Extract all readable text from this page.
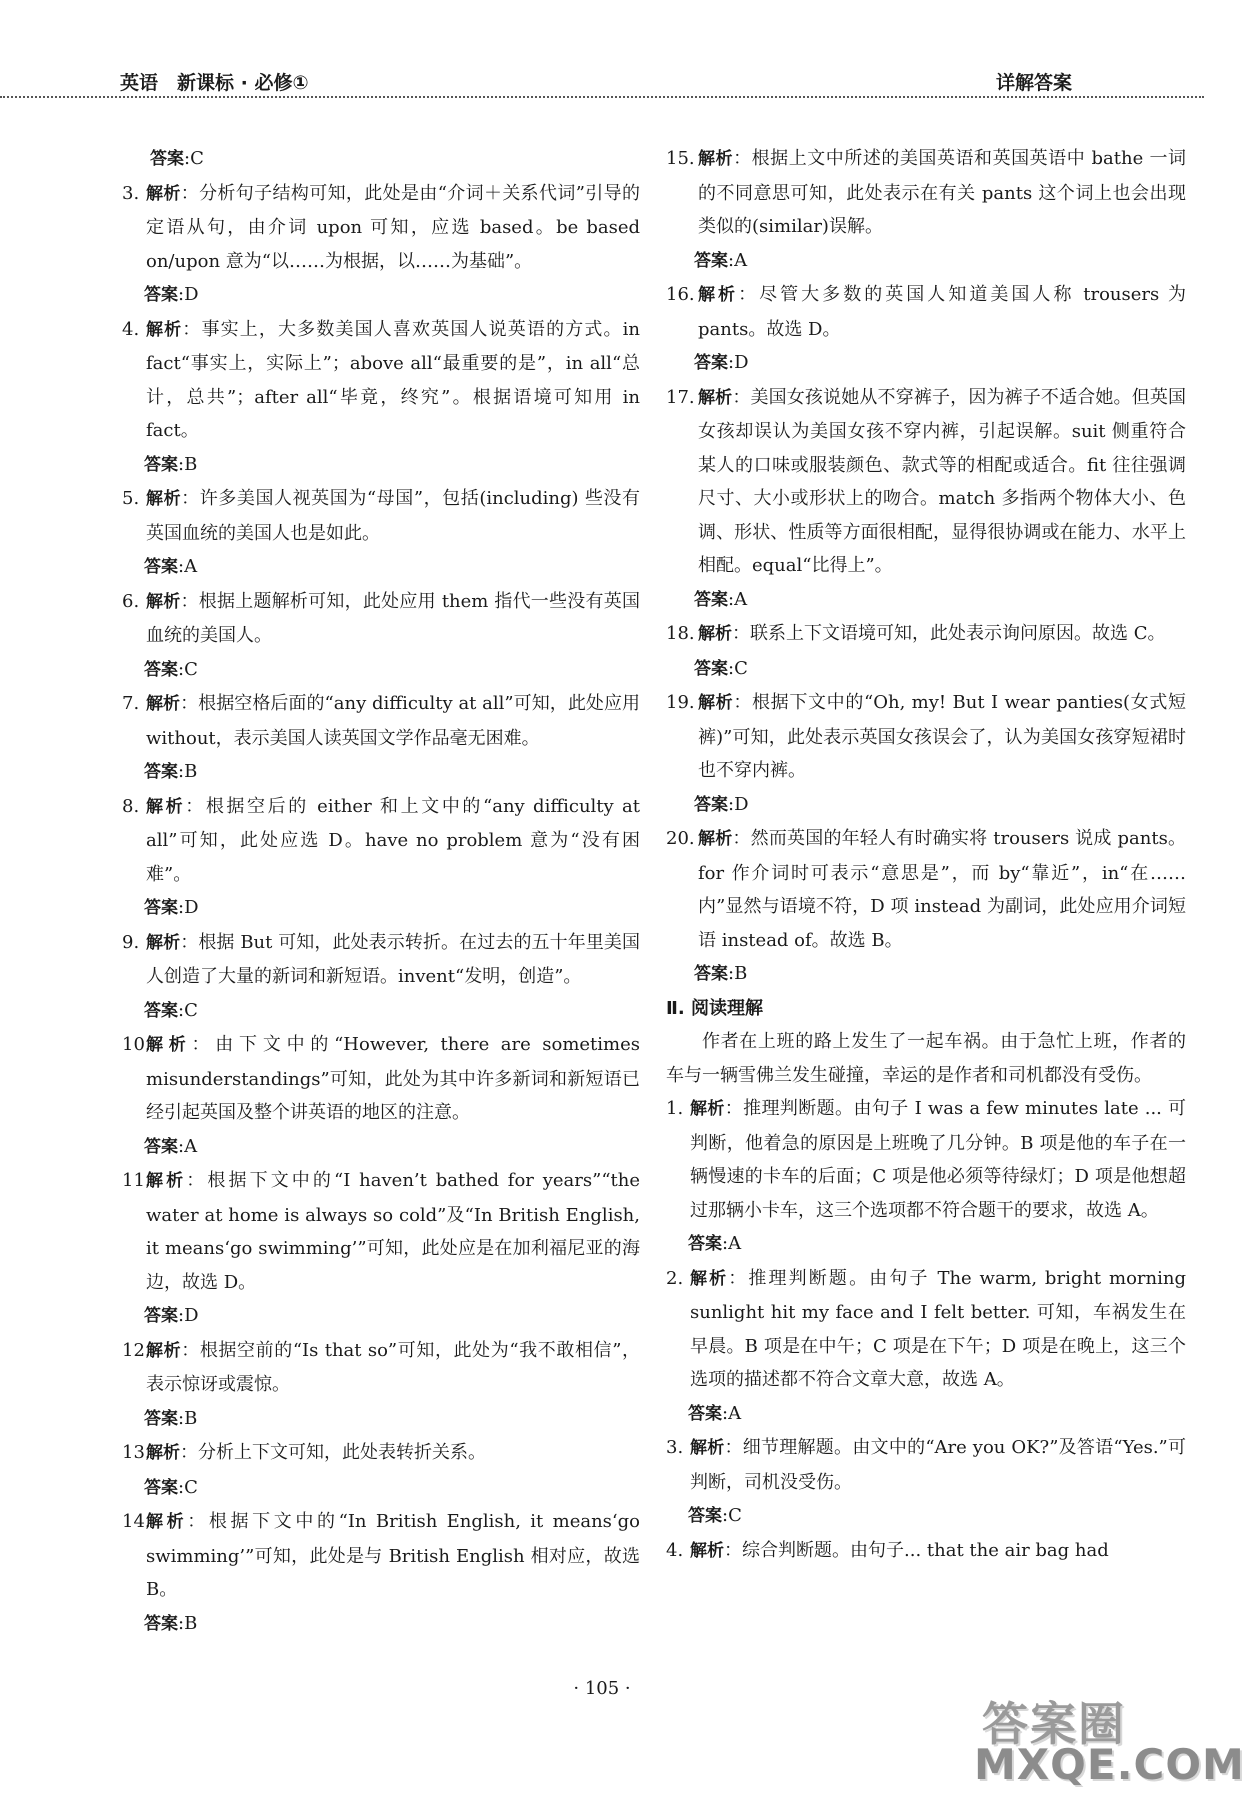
英语　新课标 · 必修①	详解答案
答案:C
3. 解析：分析句子结构可知，此处是由“介词＋关系代词”引导的定语从句，由介词 upon 可知，应选 based。be based on/upon 意为“以……为根据，以……为基础”。
答案:D
4. 解析：事实上，大多数美国人喜欢英国人说英语的方式。in fact“事实上，实际上”；above all“最重要的是”，in all“总计，总共”；after all“毕竟，终究”。根据语境可知用 in fact。
答案:B
5. 解析：许多美国人视英国为“母国”，包括(including) 些没有英国血统的美国人也是如此。
答案:A
6. 解析：根据上题解析可知，此处应用 them 指代一些没有英国血统的美国人。
答案:C
7. 解析：根据空格后面的“any difficulty at all”可知，此处应用 without，表示美国人读英国文学作品毫无困难。
答案:B
8. 解析：根据空后的 either 和上文中的“any difficulty at all”可知，此处应选 D。have no problem 意为“没有困难”。
答案:D
9. 解析：根据 But 可知，此处表示转折。在过去的五十年里美国人创造了大量的新词和新短语。invent“发明，创造”。
答案:C
10.
解析：由下文中的“However, there are sometimes misunderstandings”可知，此处为其中许多新词和新短语已经引起英国及整个讲英语的地区的注意。
答案:A
11.
解析：根据下文中的“I haven’t bathed for years”“the water at home is always so cold”及“In British English, it means‘go swimming’”可知，此处应是在加利福尼亚的海边，故选 D。
答案:D
12.
解析：根据空前的“Is that so”可知，此处为“我不敢相信”，表示惊讶或震惊。
答案:B
13.
解析：分析上下文可知，此处表转折关系。
答案:C
14.
解析：根据下文中的“In British English, it means‘go swimming’”可知，此处是与 British English 相对应，故选 B。
答案:B
15. 解析：根据上文中所述的美国英语和英国英语中 bathe 一词的不同意思可知，此处表示在有关 pants 这个词上也会出现类似的(similar)误解。
答案:A
16. 解析：尽管大多数的英国人知道美国人称 trousers 为 pants。故选 D。
答案:D
17. 解析：美国女孩说她从不穿裤子，因为裤子不适合她。但英国女孩却误认为美国女孩不穿内裤，引起误解。suit 侧重符合某人的口味或服装颜色、款式等的相配或适合。fit 往往强调尺寸、大小或形状上的吻合。match 多指两个物体大小、色调、形状、性质等方面很相配，显得很协调或在能力、水平上相配。equal“比得上”。
答案:A
18. 解析：联系上下文语境可知，此处表示询问原因。故选 C。
答案:C
19. 解析：根据下文中的“Oh, my! But I wear panties(女式短裤)”可知，此处表示英国女孩误会了，认为美国女孩穿短裙时也不穿内裤。
答案:D
20. 解析：然而英国的年轻人有时确实将 trousers 说成 pants。for 作介词时可表示“意思是”，而 by“靠近”，in“在……内”显然与语境不符，D 项 instead 为副词，此处应用介词短语 instead of。故选 B。
答案:B
Ⅱ. 阅读理解
作者在上班的路上发生了一起车祸。由于急忙上班，作者的车与一辆雪佛兰发生碰撞，幸运的是作者和司机都没有受伤。
1. 解析：推理判断题。由句子 I was a few minutes late ... 可判断，他着急的原因是上班晚了几分钟。B 项是他的车子在一辆慢速的卡车的后面；C 项是他必须等待绿灯；D 项是他想超过那辆小卡车，这三个选项都不符合题干的要求，故选 A。
答案:A
2. 解析：推理判断题。由句子 The warm, bright morning sunlight hit my face and I felt better. 可知，车祸发生在早晨。B 项是在中午；C 项是在下午；D 项是在晚上，这三个选项的描述都不符合文章大意，故选 A。
答案:A
3. 解析：细节理解题。由文中的“Are you OK?”及答语“Yes.”可判断，司机没受伤。
答案:C
4. 解析：综合判断题。由句子... that the air bag had
· 105 ·
答案圈
MXQE.COM
